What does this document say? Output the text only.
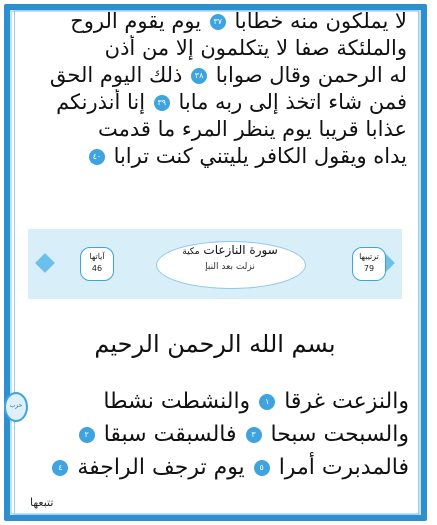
لا يملكون منه خطابا ٣٧ يوم يقوم الروح
والملئكة صفا لا يتكلمون إلا من أذن
له الرحمن وقال صوابا ٣٨ ذلك اليوم الحق
فمن شاء اتخذ إلى ربه مابا ٣٩ إنا أنذرنكم
عذابا قريبا يوم ينظر المرء ما قدمت
يداه ويقول الكافر يليتني كنت ترابا ٤٠
آياتها
46
ترتيبها
79
سورة النازعات مكية
نزلت بعد النبإ
بسم الله الرحمن الرحيم
حزب	والنزعت غرقا ١ والنشطت نشطا
والسبحت سبحا ٣ فالسبقت سبقا ٢
فالمدبرت أمرا ٥ يوم ترجف الراجفة ٤
تتبعها
